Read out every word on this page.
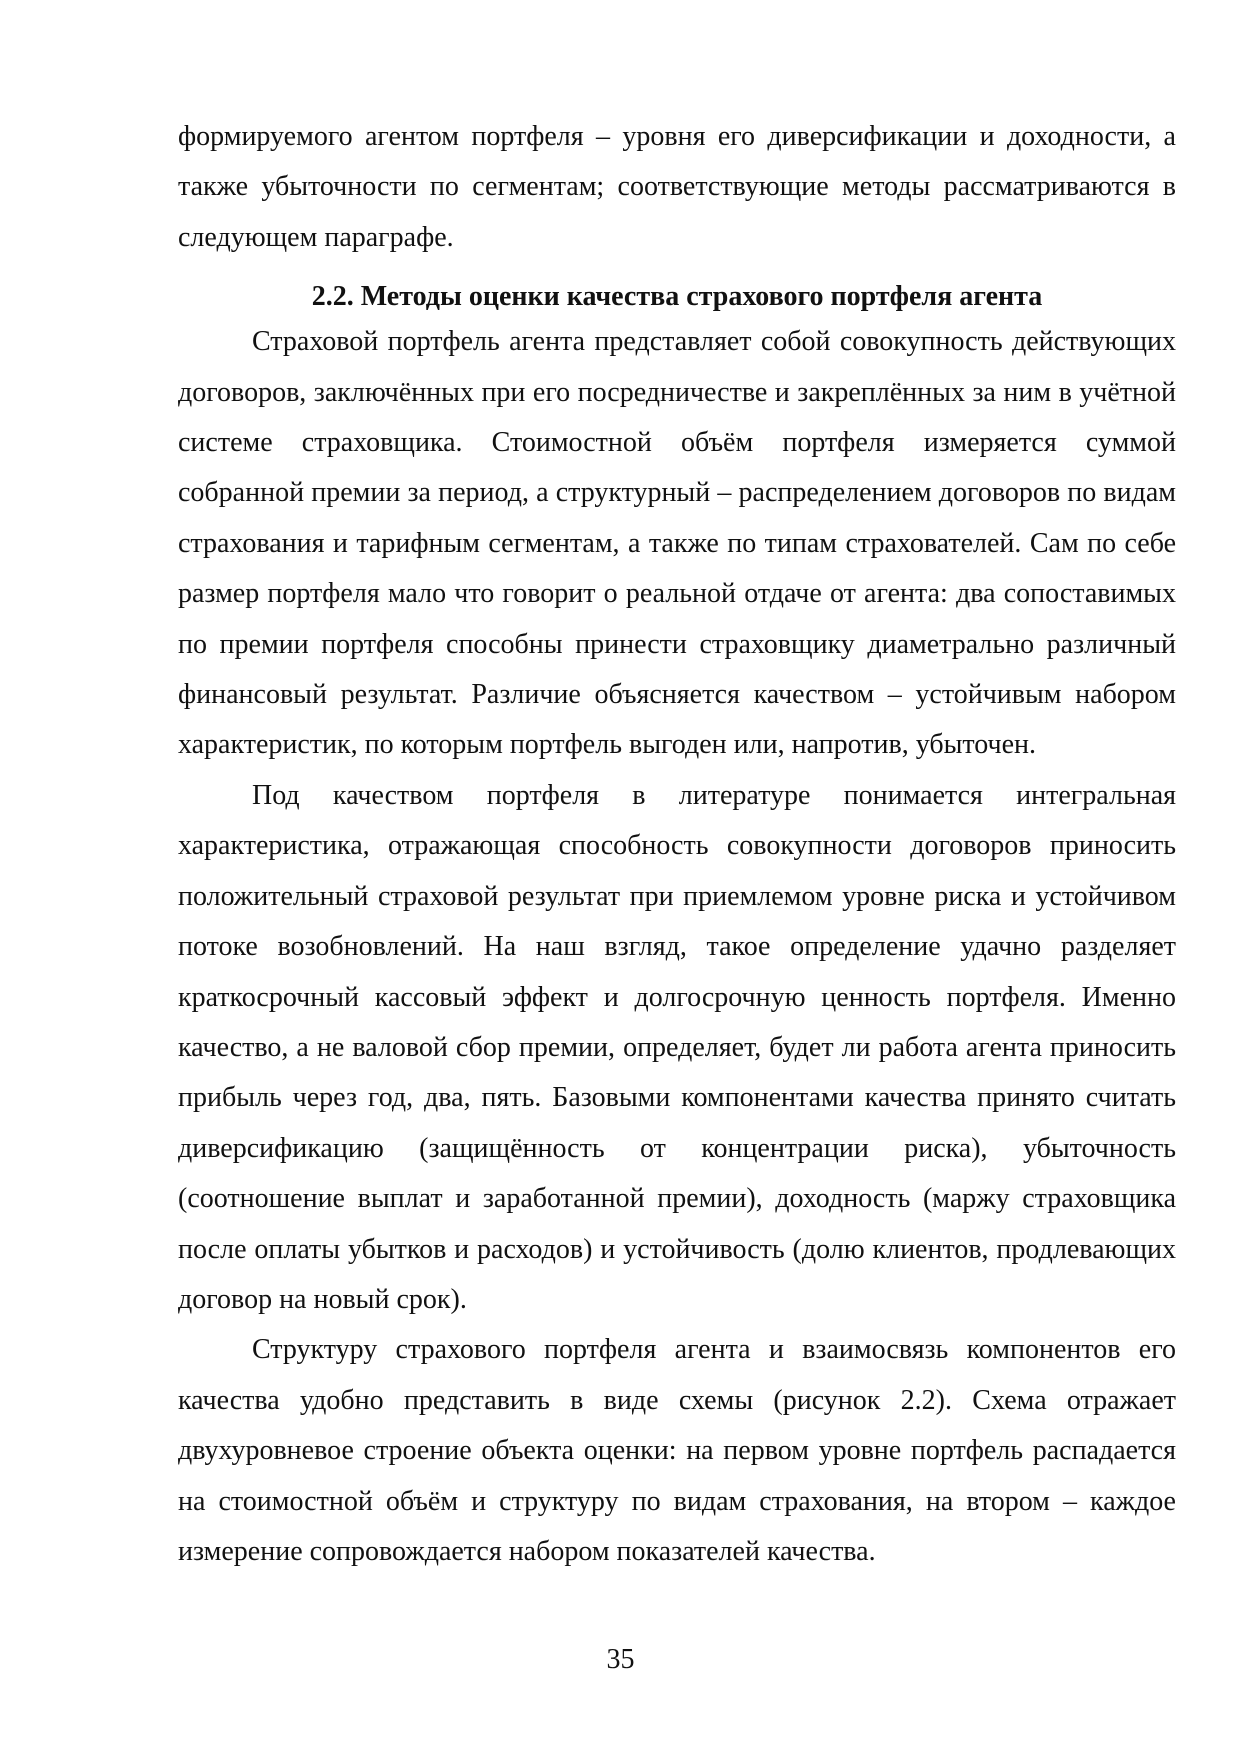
формируемого агентом портфеля – уровня его диверсификации и доходности, а также убыточности по сегментам; соответствующие методы рассматриваются в следующем параграфе.

2.2. Методы оценки качества страхового портфеля агента

Страховой портфель агента представляет собой совокупность действующих договоров, заключённых при его посредничестве и закреплённых за ним в учётной системе страховщика. Стоимостной объём портфеля измеряется суммой собранной премии за период, а структурный – распределением договоров по видам страхования и тарифным сегментам, а также по типам страхователей. Сам по себе размер портфеля мало что говорит о реальной отдаче от агента: два сопоставимых по премии портфеля способны принести страховщику диаметрально различный финансовый результат. Различие объясняется качеством – устойчивым набором характеристик, по которым портфель выгоден или, напротив, убыточен.

Под качеством портфеля в литературе понимается интегральная характеристика, отражающая способность совокупности договоров приносить положительный страховой результат при приемлемом уровне риска и устойчивом потоке возобновлений. На наш взгляд, такое определение удачно разделяет краткосрочный кассовый эффект и долгосрочную ценность портфеля. Именно качество, а не валовой сбор премии, определяет, будет ли работа агента приносить прибыль через год, два, пять. Базовыми компонентами качества принято считать диверсификацию (защищённость от концентрации риска), убыточность (соотношение выплат и заработанной премии), доходность (маржу страховщика после оплаты убытков и расходов) и устойчивость (долю клиентов, продлевающих договор на новый срок).

Структуру страхового портфеля агента и взаимосвязь компонентов его качества удобно представить в виде схемы (рисунок 2.2). Схема отражает двухуровневое строение объекта оценки: на первом уровне портфель распадается на стоимостной объём и структуру по видам страхования, на втором – каждое измерение сопровождается набором показателей качества.

35
